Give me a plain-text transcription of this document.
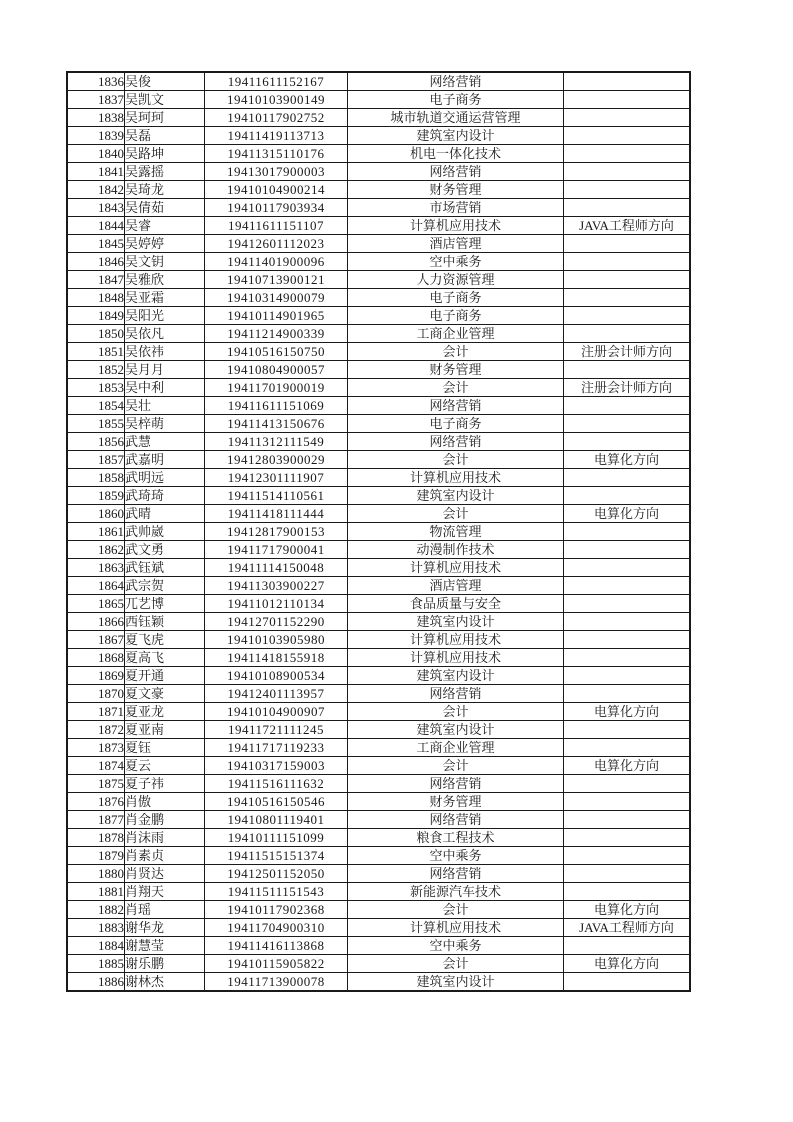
1836	吴俊	19411611152167	网络营销	
1837	吴凯文	19410103900149	电子商务	
1838	吴珂珂	19410117902752	城市轨道交通运营管理	
1839	吴磊	19411419113713	建筑室内设计	
1840	吴路坤	19411315110176	机电一体化技术	
1841	吴露摇	19413017900003	网络营销	
1842	吴琦龙	19410104900214	财务管理	
1843	吴倩茹	19410117903934	市场营销	
1844	吴睿	19411611151107	计算机应用技术	JAVA工程师方向
1845	吴婷婷	19412601112023	酒店管理	
1846	吴文钥	19411401900096	空中乘务	
1847	吴雅欣	19410713900121	人力资源管理	
1848	吴亚霜	19410314900079	电子商务	
1849	吴阳光	19410114901965	电子商务	
1850	吴依凡	19411214900339	工商企业管理	
1851	吴依祎	19410516150750	会计	注册会计师方向
1852	吴月月	19410804900057	财务管理	
1853	吴中利	19411701900019	会计	注册会计师方向
1854	吴壮	19411611151069	网络营销	
1855	吴梓萌	19411413150676	电子商务	
1856	武慧	19411312111549	网络营销	
1857	武嘉明	19412803900029	会计	电算化方向
1858	武明远	19412301111907	计算机应用技术	
1859	武琦琦	19411514110561	建筑室内设计	
1860	武晴	19411418111444	会计	电算化方向
1861	武帅崴	19412817900153	物流管理	
1862	武文勇	19411717900041	动漫制作技术	
1863	武钰斌	19411114150048	计算机应用技术	
1864	武宗贺	19411303900227	酒店管理	
1865	兀艺博	19411012110134	食品质量与安全	
1866	西钰颖	19412701152290	建筑室内设计	
1867	夏飞虎	19410103905980	计算机应用技术	
1868	夏高飞	19411418155918	计算机应用技术	
1869	夏开通	19410108900534	建筑室内设计	
1870	夏文豪	19412401113957	网络营销	
1871	夏亚龙	19410104900907	会计	电算化方向
1872	夏亚南	19411721111245	建筑室内设计	
1873	夏钰	19411717119233	工商企业管理	
1874	夏云	19410317159003	会计	电算化方向
1875	夏子祎	19411516111632	网络营销	
1876	肖傲	19410516150546	财务管理	
1877	肖金鹏	19410801119401	网络营销	
1878	肖沫雨	19410111151099	粮食工程技术	
1879	肖素贞	19411515151374	空中乘务	
1880	肖贤达	19412501152050	网络营销	
1881	肖翔天	19411511151543	新能源汽车技术	
1882	肖瑶	19410117902368	会计	电算化方向
1883	谢华龙	19411704900310	计算机应用技术	JAVA工程师方向
1884	谢慧莹	19411416113868	空中乘务	
1885	谢乐鹏	19410115905822	会计	电算化方向
1886	谢林杰	19411713900078	建筑室内设计	
